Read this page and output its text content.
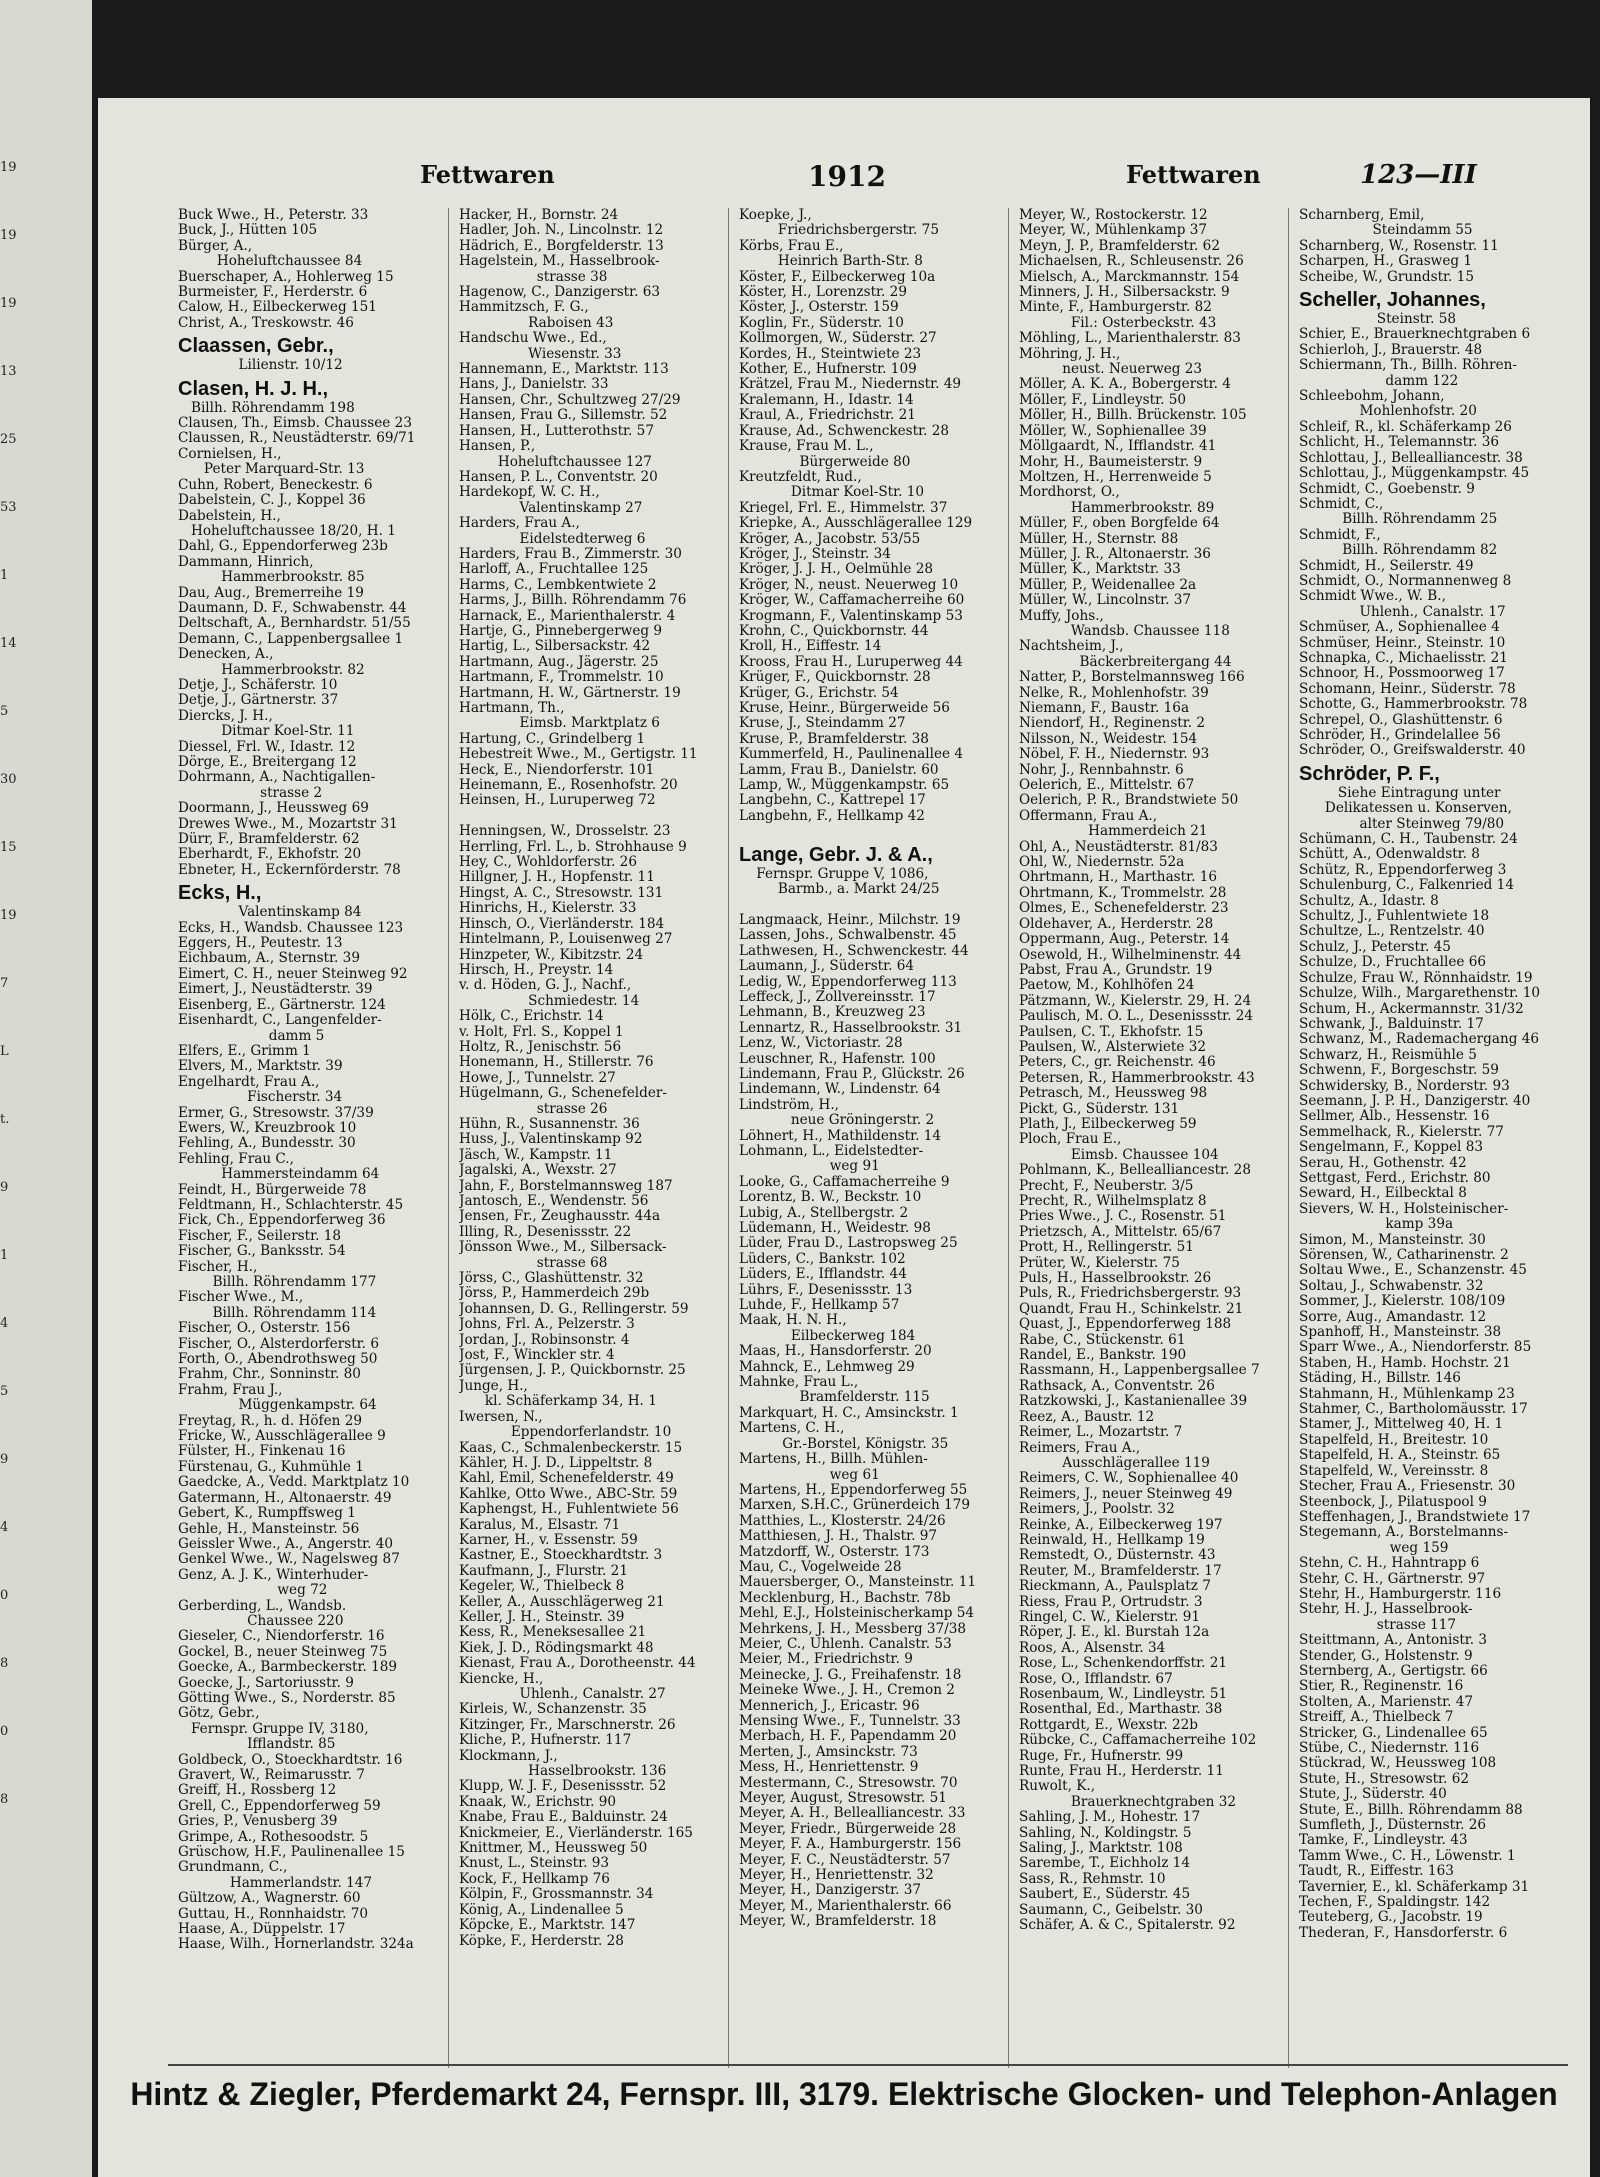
19
19
19
13
25
53
1
14
5
30
15
19
7
L
t.
9
1
4
5
9
4
0
8
0
8
Fettwaren	1912	Fettwaren	123—III
Buck Wwe., H., Peterstr. 33
Buck, J., Hütten 105
Bürger, A.,
Hoheluftchaussee 84
Buerschaper, A., Hohlerweg 15
Burmeister, F., Herderstr. 6
Calow, H., Eilbeckerweg 151
Christ, A., Treskowstr. 46
Claassen, Gebr.,
Lilienstr. 10/12
Clasen, H. J. H.,
Billh. Röhrendamm 198
Clausen, Th., Eimsb. Chaussee 23
Claussen, R., Neustädterstr. 69/71
Cornielsen, H.,
Peter Marquard-Str. 13
Cuhn, Robert, Beneckestr. 6
Dabelstein, C. J., Koppel 36
Dabelstein, H.,
Hoheluftchaussee 18/20, H. 1
Dahl, G., Eppendorferweg 23b
Dammann, Hinrich,
Hammerbrookstr. 85
Dau, Aug., Bremerreihe 19
Daumann, D. F., Schwabenstr. 44
Deltschaft, A., Bernhardstr. 51/55
Demann, C., Lappenbergsallee 1
Denecken, A.,
Hammerbrookstr. 82
Detje, J., Schäferstr. 10
Detje, J., Gärtnerstr. 37
Diercks, J. H.,
Ditmar Koel-Str. 11
Diessel, Frl. W., Idastr. 12
Dörge, E., Breitergang 12
Dohrmann, A., Nachtigallen-
strasse 2
Doormann, J., Heussweg 69
Drewes Wwe., M., Mozartstr 31
Dürr, F., Bramfelderstr. 62
Eberhardt, F., Ekhofstr. 20
Ebneter, H., Eckernförderstr. 78
Ecks, H.,
Valentinskamp 84
Ecks, H., Wandsb. Chaussee 123
Eggers, H., Peutestr. 13
Eichbaum, A., Sternstr. 39
Eimert, C. H., neuer Steinweg 92
Eimert, J., Neustädterstr. 39
Eisenberg, E., Gärtnerstr. 124
Eisenhardt, C., Langenfelder-
damm 5
Elfers, E., Grimm 1
Elvers, M., Marktstr. 39
Engelhardt, Frau A.,
Fischerstr. 34
Ermer, G., Stresowstr. 37/39
Ewers, W., Kreuzbrook 10
Fehling, A., Bundesstr. 30
Fehling, Frau C.,
Hammersteindamm 64
Feindt, H., Bürgerweide 78
Feldtmann, H., Schlachterstr. 45
Fick, Ch., Eppendorferweg 36
Fischer, F., Seilerstr. 18
Fischer, G., Banksstr. 54
Fischer, H.,
Billh. Röhrendamm 177
Fischer Wwe., M.,
Billh. Röhrendamm 114
Fischer, O., Osterstr. 156
Fischer, O., Alsterdorferstr. 6
Forth, O., Abendrothsweg 50
Frahm, Chr., Sonninstr. 80
Frahm, Frau J.,
Müggenkampstr. 64
Freytag, R., h. d. Höfen 29
Fricke, W., Ausschlägerallee 9
Fülster, H., Finkenau 16
Fürstenau, G., Kuhmühle 1
Gaedcke, A., Vedd. Marktplatz 10
Gatermann, H., Altonaerstr. 49
Gebert, K., Rumpffsweg 1
Gehle, H., Mansteinstr. 56
Geissler Wwe., A., Angerstr. 40
Genkel Wwe., W., Nagelsweg 87
Genz, A. J. K., Winterhuder-
weg 72
Gerberding, L., Wandsb.
Chaussee 220
Gieseler, C., Niendorferstr. 16
Gockel, B., neuer Steinweg 75
Goecke, A., Barmbeckerstr. 189
Goecke, J., Sartoriusstr. 9
Götting Wwe., S., Norderstr. 85
Götz, Gebr.,
Fernspr. Gruppe IV, 3180,
Ifflandstr. 85
Goldbeck, O., Stoeckhardtstr. 16
Gravert, W., Reimarusstr. 7
Greiff, H., Rossberg 12
Grell, C., Eppendorferweg 59
Gries, P., Venusberg 39
Grimpe, A., Rothesoodstr. 5
Grüschow, H.F., Paulinenallee 15
Grundmann, C.,
Hammerlandstr. 147
Gültzow, A., Wagnerstr. 60
Guttau, H., Ronnhaidstr. 70
Haase, A., Düppelstr. 17
Haase, Wilh., Hornerlandstr. 324a
Hacker, H., Bornstr. 24
Hadler, Joh. N., Lincolnstr. 12
Hädrich, E., Borgfelderstr. 13
Hagelstein, M., Hasselbrook-
strasse 38
Hagenow, C., Danzigerstr. 63
Hammitzsch, F. G.,
Raboisen 43
Handschu Wwe., Ed.,
Wiesenstr. 33
Hannemann, E., Marktstr. 113
Hans, J., Danielstr. 33
Hansen, Chr., Schultzweg 27/29
Hansen, Frau G., Sillemstr. 52
Hansen, H., Lutterothstr. 57
Hansen, P.,
Hoheluftchaussee 127
Hansen, P. L., Conventstr. 20
Hardekopf, W. C. H.,
Valentinskamp 27
Harders, Frau A.,
Eidelstedterweg 6
Harders, Frau B., Zimmerstr. 30
Harloff, A., Fruchtallee 125
Harms, C., Lembkentwiete 2
Harms, J., Billh. Röhrendamm 76
Harnack, E., Marienthalerstr. 4
Hartje, G., Pinnebergerweg 9
Hartig, L., Silbersackstr. 42
Hartmann, Aug., Jägerstr. 25
Hartmann, F., Trommelstr. 10
Hartmann, H. W., Gärtnerstr. 19
Hartmann, Th.,
Eimsb. Marktplatz 6
Hartung, C., Grindelberg 1
Hebestreit Wwe., M., Gertigstr. 11
Heck, E., Niendorferstr. 101
Heinemann, E., Rosenhofstr. 20
Heinsen, H., Luruperweg 72

Henningsen, W., Drosselstr. 23
Herrling, Frl. L., b. Strohhause 9
Hey, C., Wohldorferstr. 26
Hillgner, J. H., Hopfenstr. 11
Hingst, A. C., Stresowstr. 131
Hinrichs, H., Kielerstr. 33
Hinsch, O., Vierländerstr. 184
Hintelmann, P., Louisenweg 27
Hinzpeter, W., Kibitzstr. 24
Hirsch, H., Preystr. 14
v. d. Höden, G. J., Nachf.,
Schmiedestr. 14
Hölk, C., Erichstr. 14
v. Holt, Frl. S., Koppel 1
Holtz, R., Jenischstr. 56
Honemann, H., Stillerstr. 76
Howe, J., Tunnelstr. 27
Hügelmann, G., Schenefelder-
strasse 26
Hühn, R., Susannenstr. 36
Huss, J., Valentinskamp 92
Jäsch, W., Kampstr. 11
Jagalski, A., Wexstr. 27
Jahn, F., Borstelmannsweg 187
Jantosch, E., Wendenstr. 56
Jensen, Fr., Zeughausstr. 44a
Illing, R., Desenissstr. 22
Jönsson Wwe., M., Silbersack-
strasse 68
Jörss, C., Glashüttenstr. 32
Jörss, P., Hammerdeich 29b
Johannsen, D. G., Rellingerstr. 59
Johns, Frl. A., Pelzerstr. 3
Jordan, J., Robinsonstr. 4
Jost, F., Winckler str. 4
Jürgensen, J. P., Quickbornstr. 25
Junge, H.,
kl. Schäferkamp 34, H. 1
Iwersen, N.,
Eppendorferlandstr. 10
Kaas, C., Schmalenbeckerstr. 15
Kähler, H. J. D., Lippeltstr. 8
Kahl, Emil, Schenefelderstr. 49
Kahlke, Otto Wwe., ABC-Str. 59
Kaphengst, H., Fuhlentwiete 56
Karalus, M., Elsastr. 71
Karner, H., v. Essenstr. 59
Kastner, E., Stoeckhardtstr. 3
Kaufmann, J., Flurstr. 21
Kegeler, W., Thielbeck 8
Keller, A., Ausschlägerweg 21
Keller, J. H., Steinstr. 39
Kess, R., Meneksesallee 21
Kiek, J. D., Rödingsmarkt 48
Kienast, Frau A., Dorotheenstr. 44
Kiencke, H.,
Uhlenh., Canalstr. 27
Kirleis, W., Schanzenstr. 35
Kitzinger, Fr., Marschnerstr. 26
Kliche, P., Hufnerstr. 117
Klockmann, J.,
Hasselbrookstr. 136
Klupp, W. J. F., Desenissstr. 52
Knaak, W., Erichstr. 90
Knabe, Frau E., Balduinstr. 24
Knickmeier, E., Vierländerstr. 165
Knittmer, M., Heussweg 50
Knust, L., Steinstr. 93
Kock, F., Hellkamp 76
Kölpin, F., Grossmannstr. 34
König, A., Lindenallee 5
Köpcke, E., Marktstr. 147
Köpke, F., Herderstr. 28
Koepke, J.,
Friedrichsbergerstr. 75
Körbs, Frau E.,
Heinrich Barth-Str. 8
Köster, F., Eilbeckerweg 10a
Köster, H., Lorenzstr. 29
Köster, J., Osterstr. 159
Koglin, Fr., Süderstr. 10
Kollmorgen, W., Süderstr. 27
Kordes, H., Steintwiete 23
Kother, E., Hufnerstr. 109
Krätzel, Frau M., Niedernstr. 49
Kralemann, H., Idastr. 14
Kraul, A., Friedrichstr. 21
Krause, Ad., Schwenckestr. 28
Krause, Frau M. L.,
Bürgerweide 80
Kreutzfeldt, Rud.,
Ditmar Koel-Str. 10
Kriegel, Frl. E., Himmelstr. 37
Kriepke, A., Ausschlägerallee 129
Kröger, A., Jacobstr. 53/55
Kröger, J., Steinstr. 34
Kröger, J. J. H., Oelmühle 28
Kröger, N., neust. Neuerweg 10
Kröger, W., Caffamacherreihe 60
Krogmann, F., Valentinskamp 53
Krohn, C., Quickbornstr. 44
Kroll, H., Eiffestr. 14
Krooss, Frau H., Luruperweg 44
Krüger, F., Quickbornstr. 28
Krüger, G., Erichstr. 54
Kruse, Heinr., Bürgerweide 56
Kruse, J., Steindamm 27
Kruse, P., Bramfelderstr. 38
Kummerfeld, H., Paulinenallee 4
Lamm, Frau B., Danielstr. 60
Lamp, W., Müggenkampstr. 65
Langbehn, C., Kattrepel 17
Langbehn, F., Hellkamp 42

Lange, Gebr. J. & A.,
Fernspr. Gruppe V, 1086,
Barmb., a. Markt 24/25

Langmaack, Heinr., Milchstr. 19
Lassen, Johs., Schwalbenstr. 45
Lathwesen, H., Schwenckestr. 44
Laumann, J., Süderstr. 64
Ledig, W., Eppendorferweg 113
Leffeck, J., Zollvereinsstr. 17
Lehmann, B., Kreuzweg 23
Lennartz, R., Hasselbrookstr. 31
Lenz, W., Victoriastr. 28
Leuschner, R., Hafenstr. 100
Lindemann, Frau P., Glückstr. 26
Lindemann, W., Lindenstr. 64
Lindström, H.,
neue Gröningerstr. 2
Löhnert, H., Mathildenstr. 14
Lohmann, L., Eidelstedter-
weg 91
Looke, G., Caffamacherreihe 9
Lorentz, B. W., Beckstr. 10
Lubig, A., Stellbergstr. 2
Lüdemann, H., Weidestr. 98
Lüder, Frau D., Lastropsweg 25
Lüders, C., Bankstr. 102
Lüders, E., Ifflandstr. 44
Lührs, F., Desenissstr. 13
Luhde, F., Hellkamp 57
Maak, H. N. H.,
Eilbeckerweg 184
Maas, H., Hansdorferstr. 20
Mahnck, E., Lehmweg 29
Mahnke, Frau L.,
Bramfelderstr. 115
Markquart, H. C., Amsinckstr. 1
Martens, C. H.,
Gr.-Borstel, Königstr. 35
Martens, H., Billh. Mühlen-
weg 61
Martens, H., Eppendorferweg 55
Marxen, S.H.C., Grünerdeich 179
Matthies, L., Klosterstr. 24/26
Matthiesen, J. H., Thalstr. 97
Matzdorff, W., Osterstr. 173
Mau, C., Vogelweide 28
Mauersberger, O., Mansteinstr. 11
Mecklenburg, H., Bachstr. 78b
Mehl, E.J., Holsteinischerkamp 54
Mehrkens, J. H., Messberg 37/38
Meier, C., Uhlenh. Canalstr. 53
Meier, M., Friedrichstr. 9
Meinecke, J. G., Freihafenstr. 18
Meineke Wwe., J. H., Cremon 2
Mennerich, J., Ericastr. 96
Mensing Wwe., F., Tunnelstr. 33
Merbach, H. F., Papendamm 20
Merten, J., Amsinckstr. 73
Mess, H., Henriettenstr. 9
Mestermann, C., Stresowstr. 70
Meyer, August, Stresowstr. 51
Meyer, A. H., Bellealliancestr. 33
Meyer, Friedr., Bürgerweide 28
Meyer, F. A., Hamburgerstr. 156
Meyer, F. C., Neustädterstr. 57
Meyer, H., Henriettenstr. 32
Meyer, H., Danzigerstr. 37
Meyer, M., Marienthalerstr. 66
Meyer, W., Bramfelderstr. 18
Meyer, W., Rostockerstr. 12
Meyer, W., Mühlenkamp 37
Meyn, J. P., Bramfelderstr. 62
Michaelsen, R., Schleusenstr. 26
Mielsch, A., Marckmannstr. 154
Minners, J. H., Silbersackstr. 9
Minte, F., Hamburgerstr. 82
Fil.: Osterbeckstr. 43
Möhling, L., Marienthalerstr. 83
Möhring, J. H.,
neust. Neuerweg 23
Möller, A. K. A., Bobergerstr. 4
Möller, F., Lindleystr. 50
Möller, H., Billh. Brückenstr. 105
Möller, W., Sophienallee 39
Möllgaardt, N., Ifflandstr. 41
Mohr, H., Baumeisterstr. 9
Moltzen, H., Herrenweide 5
Mordhorst, O.,
Hammerbrookstr. 89
Müller, F., oben Borgfelde 64
Müller, H., Sternstr. 88
Müller, J. R., Altonaerstr. 36
Müller, K., Marktstr. 33
Müller, P., Weidenallee 2a
Müller, W., Lincolnstr. 37
Muffy, Johs.,
Wandsb. Chaussee 118
Nachtsheim, J.,
Bäckerbreitergang 44
Natter, P., Borstelmannsweg 166
Nelke, R., Mohlenhofstr. 39
Niemann, F., Baustr. 16a
Niendorf, H., Reginenstr. 2
Nilsson, N., Weidestr. 154
Nöbel, F. H., Niedernstr. 93
Nohr, J., Rennbahnstr. 6
Oelerich, E., Mittelstr. 67
Oelerich, P. R., Brandstwiete 50
Offermann, Frau A.,
Hammerdeich 21
Ohl, A., Neustädterstr. 81/83
Ohl, W., Niedernstr. 52a
Ohrtmann, H., Marthastr. 16
Ohrtmann, K., Trommelstr. 28
Olmes, E., Schenefelderstr. 23
Oldehaver, A., Herderstr. 28
Oppermann, Aug., Peterstr. 14
Osewold, H., Wilhelminenstr. 44
Pabst, Frau A., Grundstr. 19
Paetow, M., Kohlhöfen 24
Pätzmann, W., Kielerstr. 29, H. 24
Paulisch, M. O. L., Desenissstr. 24
Paulsen, C. T., Ekhofstr. 15
Paulsen, W., Alsterwiete 32
Peters, C., gr. Reichenstr. 46
Petersen, R., Hammerbrookstr. 43
Petrasch, M., Heussweg 98
Pickt, G., Süderstr. 131
Plath, J., Eilbeckerweg 59
Ploch, Frau E.,
Eimsb. Chaussee 104
Pohlmann, K., Bellealliancestr. 28
Precht, F., Neuberstr. 3/5
Precht, R., Wilhelmsplatz 8
Pries Wwe., J. C., Rosenstr. 51
Prietzsch, A., Mittelstr. 65/67
Prott, H., Rellingerstr. 51
Prüter, W., Kielerstr. 75
Puls, H., Hasselbrookstr. 26
Puls, R., Friedrichsbergerstr. 93
Quandt, Frau H., Schinkelstr. 21
Quast, J., Eppendorferweg 188
Rabe, C., Stückenstr. 61
Randel, E., Bankstr. 190
Rassmann, H., Lappenbergsallee 7
Rathsack, A., Conventstr. 26
Ratzkowski, J., Kastanienallee 39
Reez, A., Baustr. 12
Reimer, L., Mozartstr. 7
Reimers, Frau A.,
Ausschlägerallee 119
Reimers, C. W., Sophienallee 40
Reimers, J., neuer Steinweg 49
Reimers, J., Poolstr. 32
Reinke, A., Eilbeckerweg 197
Reinwald, H., Hellkamp 19
Remstedt, O., Düsternstr. 43
Reuter, M., Bramfelderstr. 17
Rieckmann, A., Paulsplatz 7
Riess, Frau P., Ortrudstr. 3
Ringel, C. W., Kielerstr. 91
Röper, J. E., kl. Burstah 12a
Roos, A., Alsenstr. 34
Rose, L., Schenkendorffstr. 21
Rose, O., Ifflandstr. 67
Rosenbaum, W., Lindleystr. 51
Rosenthal, Ed., Marthastr. 38
Rottgardt, E., Wexstr. 22b
Rübcke, C., Caffamacherreihe 102
Ruge, Fr., Hufnerstr. 99
Runte, Frau H., Herderstr. 11
Ruwolt, K.,
Brauerknechtgraben 32
Sahling, J. M., Hohestr. 17
Sahling, N., Koldingstr. 5
Saling, J., Marktstr. 108
Sarembe, T., Eichholz 14
Sass, R., Rehmstr. 10
Saubert, E., Süderstr. 45
Saumann, C., Geibelstr. 30
Schäfer, A. & C., Spitalerstr. 92
Scharnberg, Emil,
Steindamm 55
Scharnberg, W., Rosenstr. 11
Scharpen, H., Grasweg 1
Scheibe, W., Grundstr. 15
Scheller, Johannes,
Steinstr. 58
Schier, E., Brauerknechtgraben 6
Schierloh, J., Brauerstr. 48
Schiermann, Th., Billh. Röhren-
damm 122
Schleebohm, Johann,
Mohlenhofstr. 20
Schleif, R., kl. Schäferkamp 26
Schlicht, H., Telemannstr. 36
Schlottau, J., Bellealliancestr. 38
Schlottau, J., Müggenkampstr. 45
Schmidt, C., Goebenstr. 9
Schmidt, C.,
Billh. Röhrendamm 25
Schmidt, F.,
Billh. Röhrendamm 82
Schmidt, H., Seilerstr. 49
Schmidt, O., Normannenweg 8
Schmidt Wwe., W. B.,
Uhlenh., Canalstr. 17
Schmüser, A., Sophienallee 4
Schmüser, Heinr., Steinstr. 10
Schnapka, C., Michaelisstr. 21
Schnoor, H., Possmoorweg 17
Schomann, Heinr., Süderstr. 78
Schotte, G., Hammerbrookstr. 78
Schrepel, O., Glashüttenstr. 6
Schröder, H., Grindelallee 56
Schröder, O., Greifswalderstr. 40
Schröder, P. F.,
Siehe Eintragung unter
Delikatessen u. Konserven,
alter Steinweg 79/80
Schümann, C. H., Taubenstr. 24
Schütt, A., Odenwaldstr. 8
Schütz, R., Eppendorferweg 3
Schulenburg, C., Falkenried 14
Schultz, A., Idastr. 8
Schultz, J., Fuhlentwiete 18
Schultze, L., Rentzelstr. 40
Schulz, J., Peterstr. 45
Schulze, D., Fruchtallee 66
Schulze, Frau W., Rönnhaidstr. 19
Schulze, Wilh., Margarethenstr. 10
Schum, H., Ackermannstr. 31/32
Schwank, J., Balduinstr. 17
Schwanz, M., Rademachergang 46
Schwarz, H., Reismühle 5
Schwenn, F., Borgeschstr. 59
Schwidersky, B., Norderstr. 93
Seemann, J. P. H., Danzigerstr. 40
Sellmer, Alb., Hessenstr. 16
Semmelhack, R., Kielerstr. 77
Sengelmann, F., Koppel 83
Serau, H., Gothenstr. 42
Settgast, Ferd., Erichstr. 80
Seward, H., Eilbecktal 8
Sievers, W. H., Holsteinischer-
kamp 39a
Simon, M., Mansteinstr. 30
Sörensen, W., Catharinenstr. 2
Soltau Wwe., E., Schanzenstr. 45
Soltau, J., Schwabenstr. 32
Sommer, J., Kielerstr. 108/109
Sorre, Aug., Amandastr. 12
Spanhoff, H., Mansteinstr. 38
Sparr Wwe., A., Niendorferstr. 85
Staben, H., Hamb. Hochstr. 21
Städing, H., Billstr. 146
Stahmann, H., Mühlenkamp 23
Stahmer, C., Bartholomäusstr. 17
Stamer, J., Mittelweg 40, H. 1
Stapelfeld, H., Breitestr. 10
Stapelfeld, H. A., Steinstr. 65
Stapelfeld, W., Vereinsstr. 8
Stecher, Frau A., Friesenstr. 30
Steenbock, J., Pilatuspool 9
Steffenhagen, J., Brandstwiete 17
Stegemann, A., Borstelmanns-
weg 159
Stehn, C. H., Hahntrapp 6
Stehr, C. H., Gärtnerstr. 97
Stehr, H., Hamburgerstr. 116
Stehr, H. J., Hasselbrook-
strasse 117
Steittmann, A., Antonistr. 3
Stender, G., Holstenstr. 9
Sternberg, A., Gertigstr. 66
Stier, R., Reginenstr. 16
Stolten, A., Marienstr. 47
Streiff, A., Thielbeck 7
Stricker, G., Lindenallee 65
Stübe, C., Niedernstr. 116
Stückrad, W., Heussweg 108
Stute, H., Stresowstr. 62
Stute, J., Süderstr. 40
Stute, E., Billh. Röhrendamm 88
Sumfleth, J., Düsternstr. 26
Tamke, F., Lindleystr. 43
Tamm Wwe., C. H., Löwenstr. 1
Taudt, R., Eiffestr. 163
Tavernier, E., kl. Schäferkamp 31
Techen, F., Spaldingstr. 142
Teuteberg, G., Jacobstr. 19
Thederan, F., Hansdorferstr. 6
Hintz & Ziegler, Pferdemarkt 24, Fernspr. III, 3179. Elektrische Glocken- und Telephon-Anlagen
